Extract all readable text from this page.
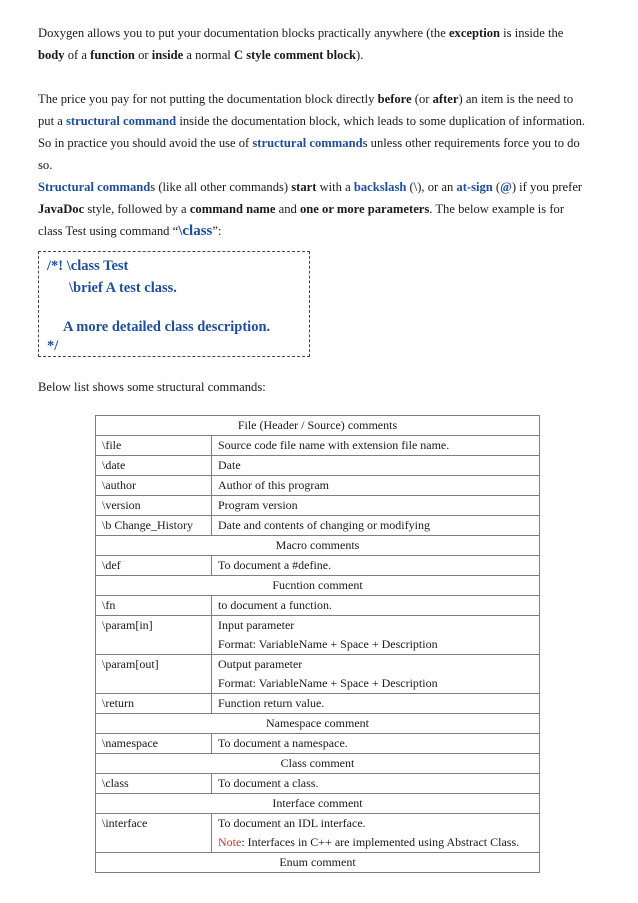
Doxygen allows you to put your documentation blocks practically anywhere (the exception is inside the
body of a function or inside a normal C style comment block).

The price you pay for not putting the documentation block directly before (or after) an item is the need to
put a structural command inside the documentation block, which leads to some duplication of information.
So in practice you should avoid the use of structural commands unless other requirements force you to do
so.

Structural commands (like all other commands) start with a backslash (\), or an at-sign (@) if you prefer
JavaDoc style, followed by a command name and one or more parameters. The below example is for
class Test using command “\class”:

/*! \class Test
\brief A test class.
A more detailed class description.
*/

Below list shows some structural commands:

File (Header / Source) comments	
\file	Source code file name with extension file name.

\date	Date

\author	Author of this program

\version	Program version

\b Change_History	Date and contents of changing or modifying

Macro comments	
\def	To document a #define.

Fucntion comment	
\fn	to document a function.

\param[in]	Input parameter
Format: VariableName + Space + Description

\param[out]	Output parameter
Format: VariableName + Space + Description

\return	Function return value.

Namespace comment	
\namespace	To document a namespace.

Class comment	
\class	To document a class.

Interface comment	
\interface	To document an IDL interface.
Note: Interfaces in C++ are implemented using Abstract Class.

Enum comment	
